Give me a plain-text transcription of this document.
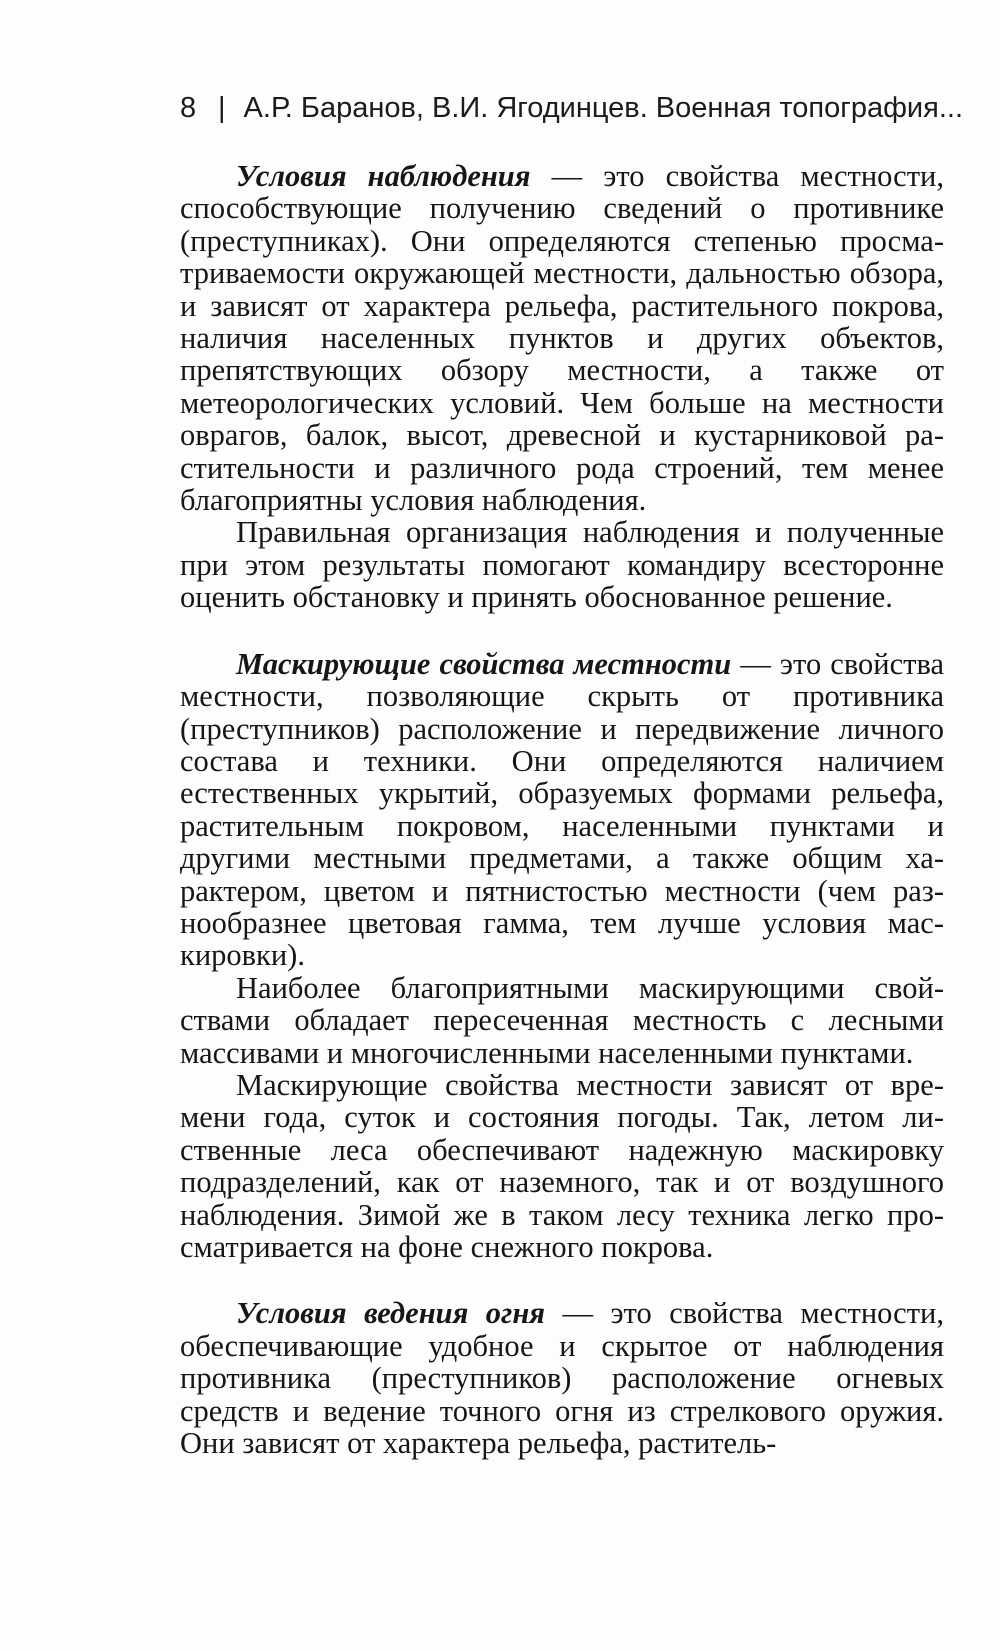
8 | А.Р. Баранов, В.И. Ягодинцев. Военная топография...

Условия наблюдения — это свойства местности, способствующие получению сведений о противнике (преступниках). Они определяются степенью просматриваемости окружающей местности, дальностью обзора, и зависят от характера рельефа, растительного покрова, наличия населенных пунктов и других объектов, препятствующих обзору местности, а также от метеорологических условий. Чем больше на местности оврагов, балок, высот, древесной и кустарниковой растительности и различного рода строений, тем менее благоприятны условия наблюдения.

Правильная организация наблюдения и полученные при этом результаты помогают командиру всесторонне оценить обстановку и принять обоснованное решение.

Маскирующие свойства местности — это свойства местности, позволяющие скрыть от противника (преступников) расположение и передвижение личного состава и техники. Они определяются наличием естественных укрытий, образуемых формами рельефа, растительным покровом, населенными пунктами и другими местными предметами, а также общим характером, цветом и пятнистостью местности (чем разнообразнее цветовая гамма, тем лучше условия маскировки).

Наиболее благоприятными маскирующими свойствами обладает пересеченная местность с лесными массивами и многочисленными населенными пунктами.

Маскирующие свойства местности зависят от времени года, суток и состояния погоды. Так, летом лиственные леса обеспечивают надежную маскировку подразделений, как от наземного, так и от воздушного наблюдения. Зимой же в таком лесу техника легко просматривается на фоне снежного покрова.

Условия ведения огня — это свойства местности, обеспечивающие удобное и скрытое от наблюдения противника (преступников) расположение огневых средств и ведение точного огня из стрелкового оружия. Они зависят от характера рельефа, раститель-
